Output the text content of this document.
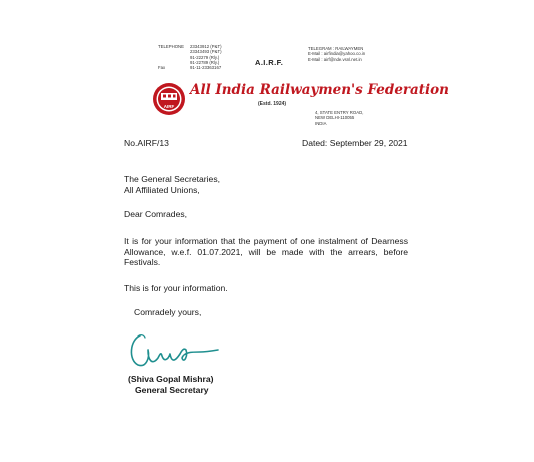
TELEPHONE	23343912 (P&T)
23343493 (P&T)
91-22279 (Rly.)
91-22789 (Rly.)
Fax	91-11-23363167
A.I.R.F.
TELEGRAM : RAILWAYMEN
E-Mail : airfindia@yahoo.co.in
E-Mail : airf@nde.vsnl.net.in
AIRF
All India Railwaymen's Federation
(Estd. 1924)
4, STATE ENTRY ROAD,
NEW DELHI-110055
INDIA
No.AIRF/13	Dated: September 29, 2021
The General Secretaries,
All Affiliated Unions,
Dear Comrades,
It is for your information that the payment of one instalment of Dearness Allowance, w.e.f. 01.07.2021, will be made with the arrears, before Festivals.
This is for your information.
Comradely yours,
(Shiva Gopal Mishra)
General Secretary
